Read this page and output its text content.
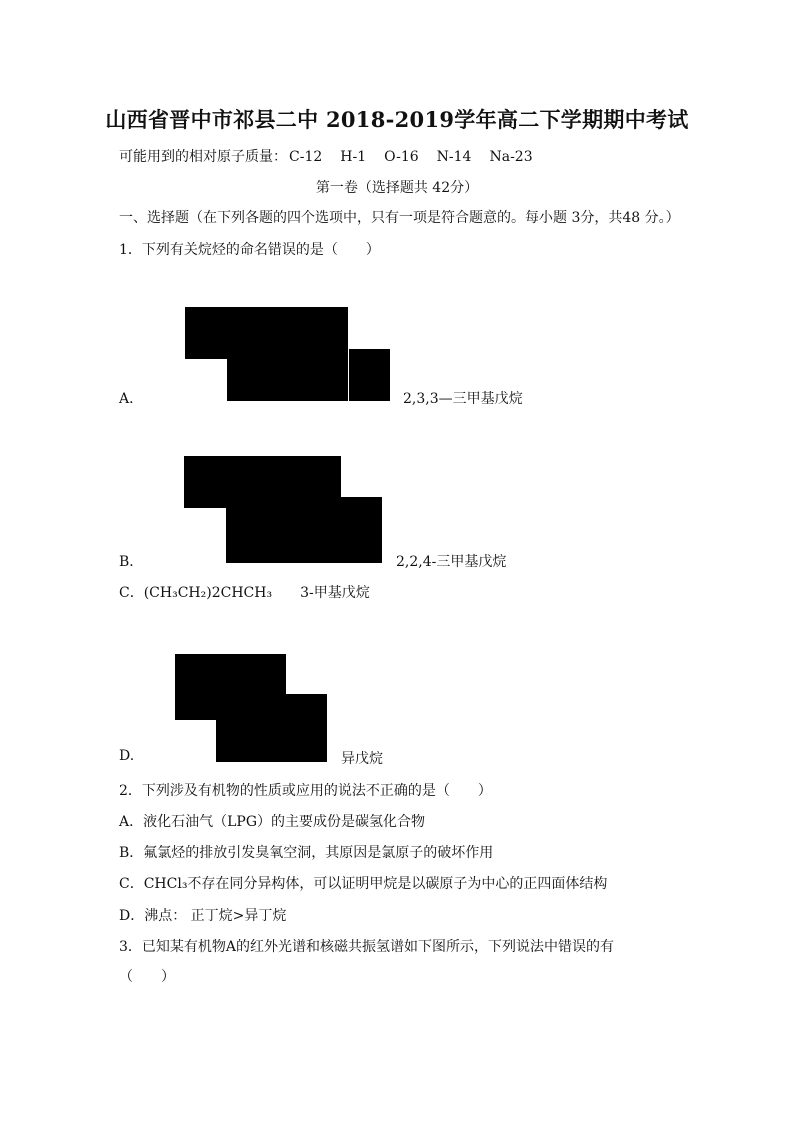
山西省晋中市祁县二中 2018-2019学年高二下学期期中考试
可能用到的相对原子质量： C-12 H-1 O-16 N-14 Na-23
第一卷（选择题共 42分）
一、选择题（在下列各题的四个选项中，只有一项是符合题意的。每小题 3分，共48 分。）
1．下列有关烷烃的命名错误的是（　　）
A．	2,3,3—三甲基戊烷
B．	2,2,4-三甲基戊烷
C．(CH₃CH₂)2CHCH₃　　3-甲基戊烷
D.	异戊烷
2．下列涉及有机物的性质或应用的说法不正确的是（　　）
A．液化石油气（LPG）的主要成份是碳氢化合物
B．氟氯烃的排放引发臭氧空洞，其原因是氯原子的破坏作用
C．CHCl₃不存在同分异构体，可以证明甲烷是以碳原子为中心的正四面体结构
D．沸点： 正丁烷>异丁烷
3．已知某有机物A的红外光谱和核磁共振氢谱如下图所示，下列说法中错误的有
（　　）
